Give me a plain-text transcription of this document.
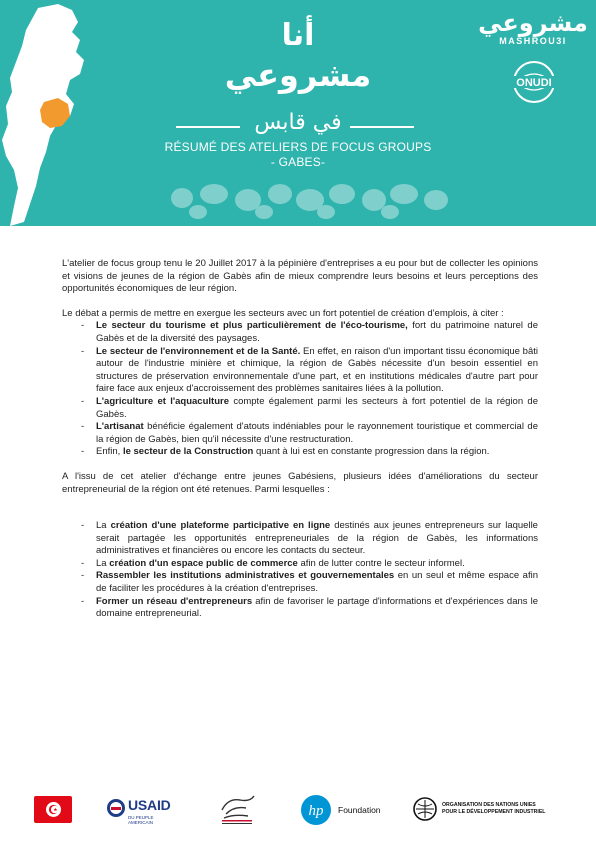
أنا
مشروعي
في قابس
RÉSUMÉ DES ATELIERS DE FOCUS GROUPS
- GABES-
مشروعي
MASHROU3I
ONUDI

L'atelier de focus group tenu le 20 Juillet 2017 à la pépinière d'entreprises a eu pour but de collecter les opinions et visions de jeunes de la région de Gabès afin de mieux comprendre leurs besoins et leurs perceptions des opportunités économiques de leur région.

Le débat a permis de mettre en exergue les secteurs avec un fort potentiel de création d'emplois, à citer :

- Le secteur du tourisme et plus particulièrement de l'éco-tourisme, fort du patrimoine naturel de Gabès et de la diversité des paysages.
- Le secteur de l'environnement et de la Santé. En effet, en raison d'un important tissu économique bâti autour de l'industrie minière et chimique, la région de Gabès nécessite d'un besoin essentiel en structures de préservation environnementale d'une part, et en institutions médicales d'autre part pour faire face aux enjeux d'accroissement des problèmes sanitaires liées à la pollution.
- L'agriculture et l'aquaculture compte également parmi les secteurs à fort potentiel de la région de Gabès.
- L'artisanat bénéficie également d'atouts indéniables pour le rayonnement touristique et commercial de la région de Gabès, bien qu'il nécessite d'une restructuration.
- Enfin, le secteur de la Construction quant à lui est en constante progression dans la région.

A l'issu de cet atelier d'échange entre jeunes Gabésiens, plusieurs idées d'améliorations du secteur entrepreneurial de la région ont été retenues. Parmi lesquelles :

- La création d'une plateforme participative en ligne destinés aux jeunes entrepreneurs sur laquelle serait partagée les opportunités entrepreneuriales de la région de Gabès, les informations administratives et financières ou encore les contacts du secteur.
- La création d'un espace public de commerce afin de lutter contre le secteur informel.
- Rassembler les institutions administratives et gouvernementales en un seul et même espace afin de faciliter les procédures à la création d'entreprises.
- Former un réseau d'entrepreneurs afin de favoriser le partage d'informations et d'expériences dans le domaine entrepreneurial.
USAID
DU PEUPLE AMERICAIN
hp Foundation	ORGANISATION DES NATIONS UNIES
POUR LE DÉVELOPPEMENT INDUSTRIEL
